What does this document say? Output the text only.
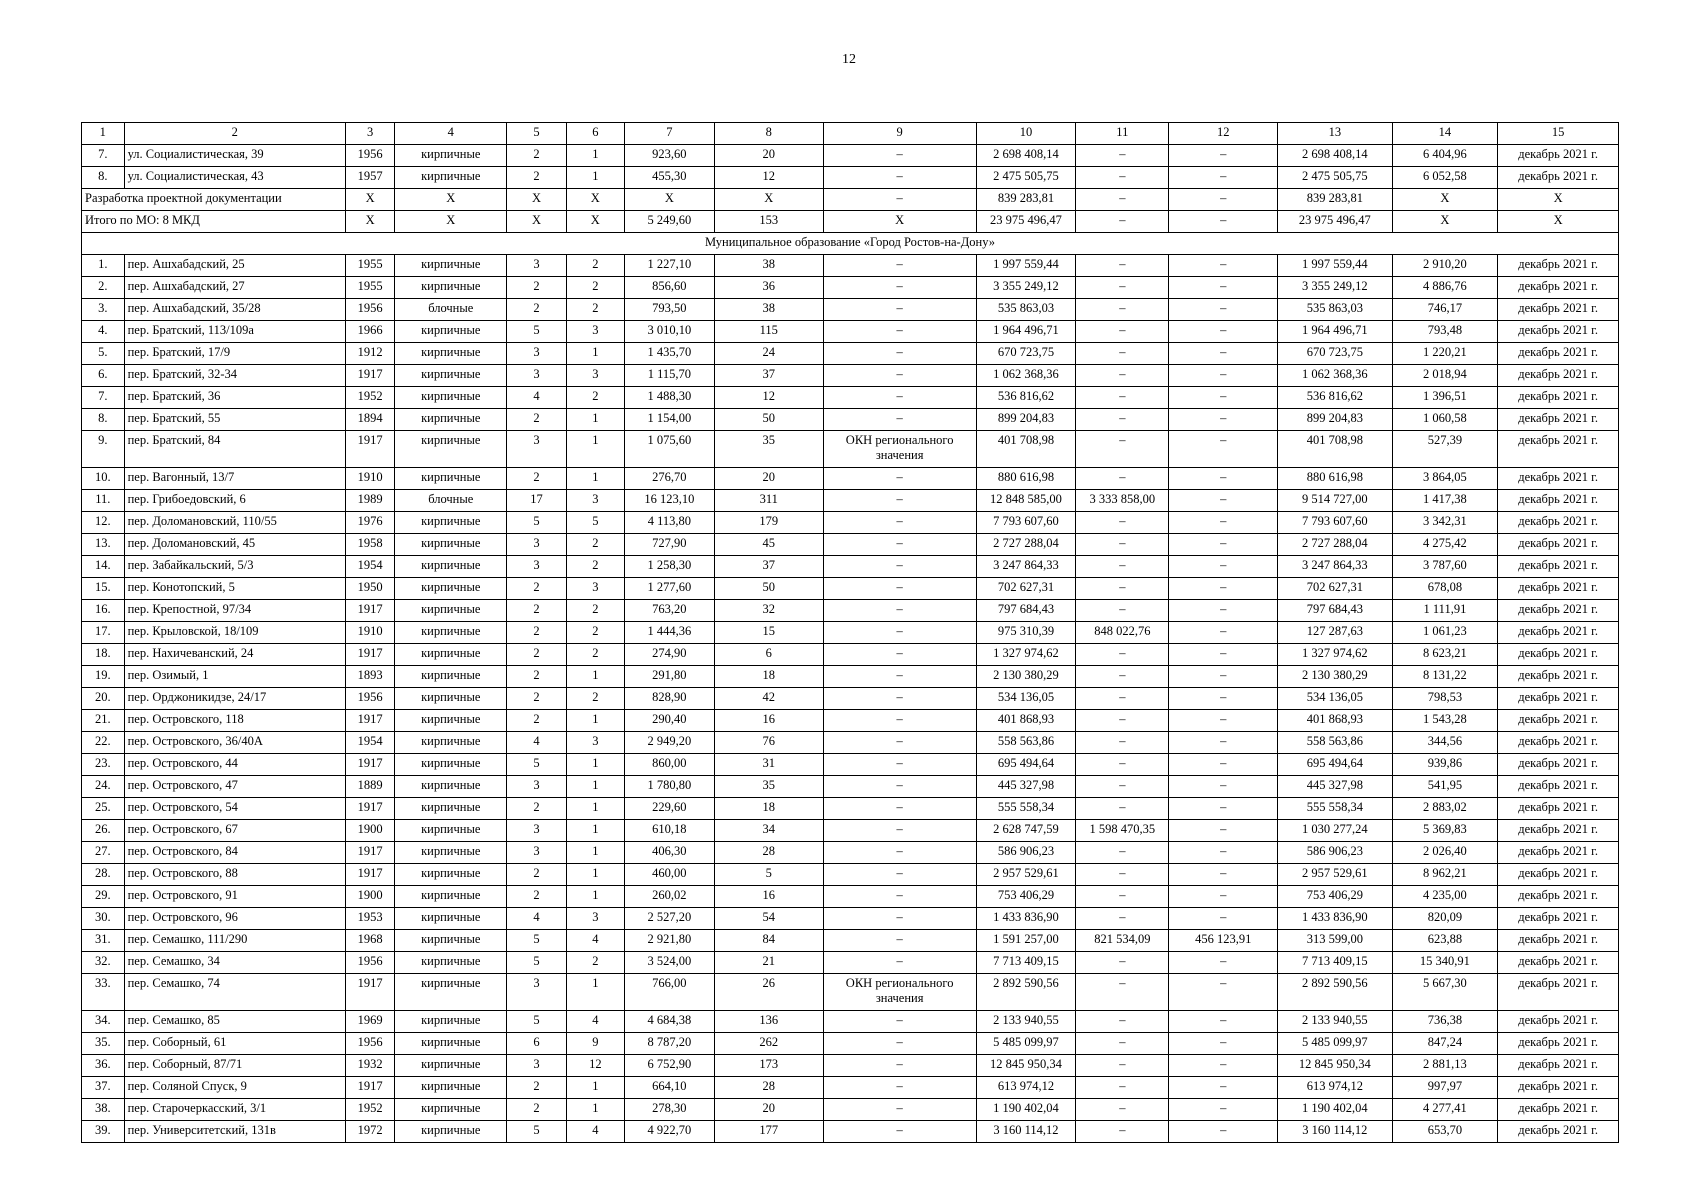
12
1	2	3	4	5	6	7	8	9	10	11	12	13	14	15
7.	ул. Социалистическая, 39	1956	кирпичные	2	1	923,60	20	–	2 698 408,14	–	–	2 698 408,14	6 404,96	декабрь 2021 г.
8.	ул. Социалистическая, 43	1957	кирпичные	2	1	455,30	12	–	2 475 505,75	–	–	2 475 505,75	6 052,58	декабрь 2021 г.
Разработка проектной документации		Х	Х	Х	Х	Х	Х	–	839 283,81	–	–	839 283,81	Х	Х
Итого по МО: 8 МКД		Х	Х	Х	Х	5 249,60	153	Х	23 975 496,47	–	–	23 975 496,47	Х	Х
Муниципальное образование «Город Ростов-на-Дону»														
1.	пер. Ашхабадский, 25	1955	кирпичные	3	2	1 227,10	38	–	1 997 559,44	–	–	1 997 559,44	2 910,20	декабрь 2021 г.
2.	пер. Ашхабадский, 27	1955	кирпичные	2	2	856,60	36	–	3 355 249,12	–	–	3 355 249,12	4 886,76	декабрь 2021 г.
3.	пер. Ашхабадский, 35/28	1956	блочные	2	2	793,50	38	–	535 863,03	–	–	535 863,03	746,17	декабрь 2021 г.
4.	пер. Братский, 113/109а	1966	кирпичные	5	3	3 010,10	115	–	1 964 496,71	–	–	1 964 496,71	793,48	декабрь 2021 г.
5.	пер. Братский, 17/9	1912	кирпичные	3	1	1 435,70	24	–	670 723,75	–	–	670 723,75	1 220,21	декабрь 2021 г.
6.	пер. Братский, 32-34	1917	кирпичные	3	3	1 115,70	37	–	1 062 368,36	–	–	1 062 368,36	2 018,94	декабрь 2021 г.
7.	пер. Братский, 36	1952	кирпичные	4	2	1 488,30	12	–	536 816,62	–	–	536 816,62	1 396,51	декабрь 2021 г.
8.	пер. Братский, 55	1894	кирпичные	2	1	1 154,00	50	–	899 204,83	–	–	899 204,83	1 060,58	декабрь 2021 г.
9.	пер. Братский, 84	1917	кирпичные	3	1	1 075,60	35	ОКН регионального значения	401 708,98	–	–	401 708,98	527,39	декабрь 2021 г.
10.	пер. Вагонный, 13/7	1910	кирпичные	2	1	276,70	20	–	880 616,98	–	–	880 616,98	3 864,05	декабрь 2021 г.
11.	пер. Грибоедовский, 6	1989	блочные	17	3	16 123,10	311	–	12 848 585,00	3 333 858,00	–	9 514 727,00	1 417,38	декабрь 2021 г.
12.	пер. Доломановский, 110/55	1976	кирпичные	5	5	4 113,80	179	–	7 793 607,60	–	–	7 793 607,60	3 342,31	декабрь 2021 г.
13.	пер. Доломановский, 45	1958	кирпичные	3	2	727,90	45	–	2 727 288,04	–	–	2 727 288,04	4 275,42	декабрь 2021 г.
14.	пер. Забайкальский, 5/3	1954	кирпичные	3	2	1 258,30	37	–	3 247 864,33	–	–	3 247 864,33	3 787,60	декабрь 2021 г.
15.	пер. Конотопский, 5	1950	кирпичные	2	3	1 277,60	50	–	702 627,31	–	–	702 627,31	678,08	декабрь 2021 г.
16.	пер. Крепостной, 97/34	1917	кирпичные	2	2	763,20	32	–	797 684,43	–	–	797 684,43	1 111,91	декабрь 2021 г.
17.	пер. Крыловской, 18/109	1910	кирпичные	2	2	1 444,36	15	–	975 310,39	848 022,76	–	127 287,63	1 061,23	декабрь 2021 г.
18.	пер. Нахичеванский, 24	1917	кирпичные	2	2	274,90	6	–	1 327 974,62	–	–	1 327 974,62	8 623,21	декабрь 2021 г.
19.	пер. Озимый, 1	1893	кирпичные	2	1	291,80	18	–	2 130 380,29	–	–	2 130 380,29	8 131,22	декабрь 2021 г.
20.	пер. Орджоникидзе, 24/17	1956	кирпичные	2	2	828,90	42	–	534 136,05	–	–	534 136,05	798,53	декабрь 2021 г.
21.	пер. Островского, 118	1917	кирпичные	2	1	290,40	16	–	401 868,93	–	–	401 868,93	1 543,28	декабрь 2021 г.
22.	пер. Островского, 36/40А	1954	кирпичные	4	3	2 949,20	76	–	558 563,86	–	–	558 563,86	344,56	декабрь 2021 г.
23.	пер. Островского, 44	1917	кирпичные	5	1	860,00	31	–	695 494,64	–	–	695 494,64	939,86	декабрь 2021 г.
24.	пер. Островского, 47	1889	кирпичные	3	1	1 780,80	35	–	445 327,98	–	–	445 327,98	541,95	декабрь 2021 г.
25.	пер. Островского, 54	1917	кирпичные	2	1	229,60	18	–	555 558,34	–	–	555 558,34	2 883,02	декабрь 2021 г.
26.	пер. Островского, 67	1900	кирпичные	3	1	610,18	34	–	2 628 747,59	1 598 470,35	–	1 030 277,24	5 369,83	декабрь 2021 г.
27.	пер. Островского, 84	1917	кирпичные	3	1	406,30	28	–	586 906,23	–	–	586 906,23	2 026,40	декабрь 2021 г.
28.	пер. Островского, 88	1917	кирпичные	2	1	460,00	5	–	2 957 529,61	–	–	2 957 529,61	8 962,21	декабрь 2021 г.
29.	пер. Островского, 91	1900	кирпичные	2	1	260,02	16	–	753 406,29	–	–	753 406,29	4 235,00	декабрь 2021 г.
30.	пер. Островского, 96	1953	кирпичные	4	3	2 527,20	54	–	1 433 836,90	–	–	1 433 836,90	820,09	декабрь 2021 г.
31.	пер. Семашко, 111/290	1968	кирпичные	5	4	2 921,80	84	–	1 591 257,00	821 534,09	456 123,91	313 599,00	623,88	декабрь 2021 г.
32.	пер. Семашко, 34	1956	кирпичные	5	2	3 524,00	21	–	7 713 409,15	–	–	7 713 409,15	15 340,91	декабрь 2021 г.
33.	пер. Семашко, 74	1917	кирпичные	3	1	766,00	26	ОКН регионального значения	2 892 590,56	–	–	2 892 590,56	5 667,30	декабрь 2021 г.
34.	пер. Семашко, 85	1969	кирпичные	5	4	4 684,38	136	–	2 133 940,55	–	–	2 133 940,55	736,38	декабрь 2021 г.
35.	пер. Соборный, 61	1956	кирпичные	6	9	8 787,20	262	–	5 485 099,97	–	–	5 485 099,97	847,24	декабрь 2021 г.
36.	пер. Соборный, 87/71	1932	кирпичные	3	12	6 752,90	173	–	12 845 950,34	–	–	12 845 950,34	2 881,13	декабрь 2021 г.
37.	пер. Соляной Спуск, 9	1917	кирпичные	2	1	664,10	28	–	613 974,12	–	–	613 974,12	997,97	декабрь 2021 г.
38.	пер. Старочеркасский, 3/1	1952	кирпичные	2	1	278,30	20	–	1 190 402,04	–	–	1 190 402,04	4 277,41	декабрь 2021 г.
39.	пер. Университетский, 131в	1972	кирпичные	5	4	4 922,70	177	–	3 160 114,12	–	–	3 160 114,12	653,70	декабрь 2021 г.
